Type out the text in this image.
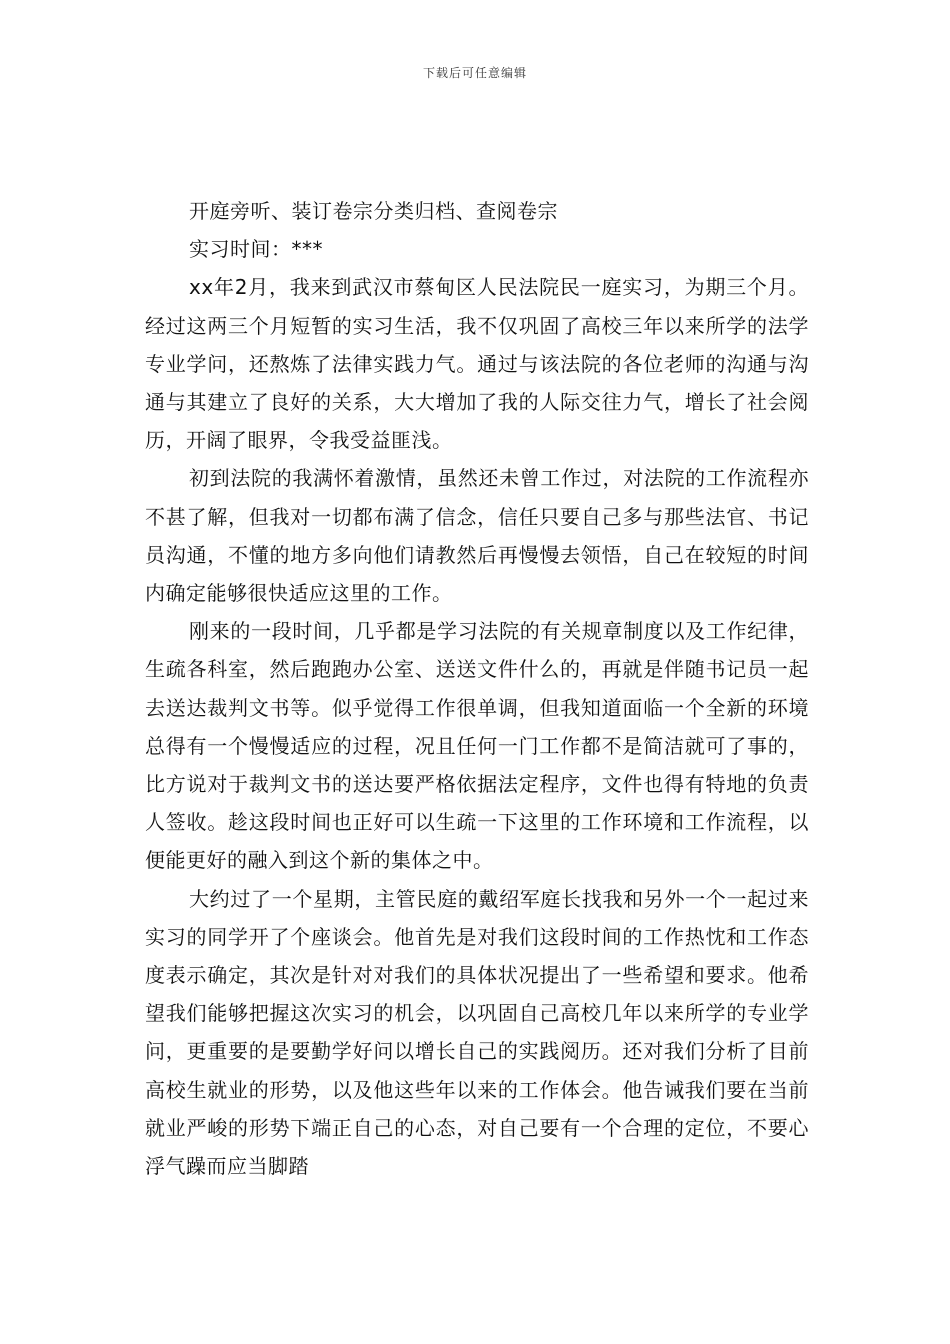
下载后可任意编辑

开庭旁听、装订卷宗分类归档、查阅卷宗

实习时间：***

xx年2月，我来到武汉市蔡甸区人民法院民一庭实习，为期三个月。经过这两三个月短暂的实习生活，我不仅巩固了高校三年以来所学的法学专业学问，还熬炼了法律实践力气。通过与该法院的各位老师的沟通与沟通与其建立了良好的关系，大大增加了我的人际交往力气，增长了社会阅历，开阔了眼界，令我受益匪浅。

初到法院的我满怀着激情，虽然还未曾工作过，对法院的工作流程亦不甚了解，但我对一切都布满了信念，信任只要自己多与那些法官、书记员沟通，不懂的地方多向他们请教然后再慢慢去领悟，自己在较短的时间内确定能够很快适应这里的工作。

刚来的一段时间，几乎都是学习法院的有关规章制度以及工作纪律，生疏各科室，然后跑跑办公室、送送文件什么的，再就是伴随书记员一起去送达裁判文书等。似乎觉得工作很单调，但我知道面临一个全新的环境总得有一个慢慢适应的过程，况且任何一门工作都不是简洁就可了事的，比方说对于裁判文书的送达要严格依据法定程序，文件也得有特地的负责人签收。趁这段时间也正好可以生疏一下这里的工作环境和工作流程，以便能更好的融入到这个新的集体之中。

大约过了一个星期，主管民庭的戴绍军庭长找我和另外一个一起过来实习的同学开了个座谈会。他首先是对我们这段时间的工作热忱和工作态度表示确定，其次是针对对我们的具体状况提出了一些希望和要求。他希望我们能够把握这次实习的机会，以巩固自己高校几年以来所学的专业学问，更重要的是要勤学好问以增长自己的实践阅历。还对我们分析了目前高校生就业的形势，以及他这些年以来的工作体会。他告诫我们要在当前就业严峻的形势下端正自己的心态，对自己要有一个合理的定位，不要心浮气躁而应当脚踏
